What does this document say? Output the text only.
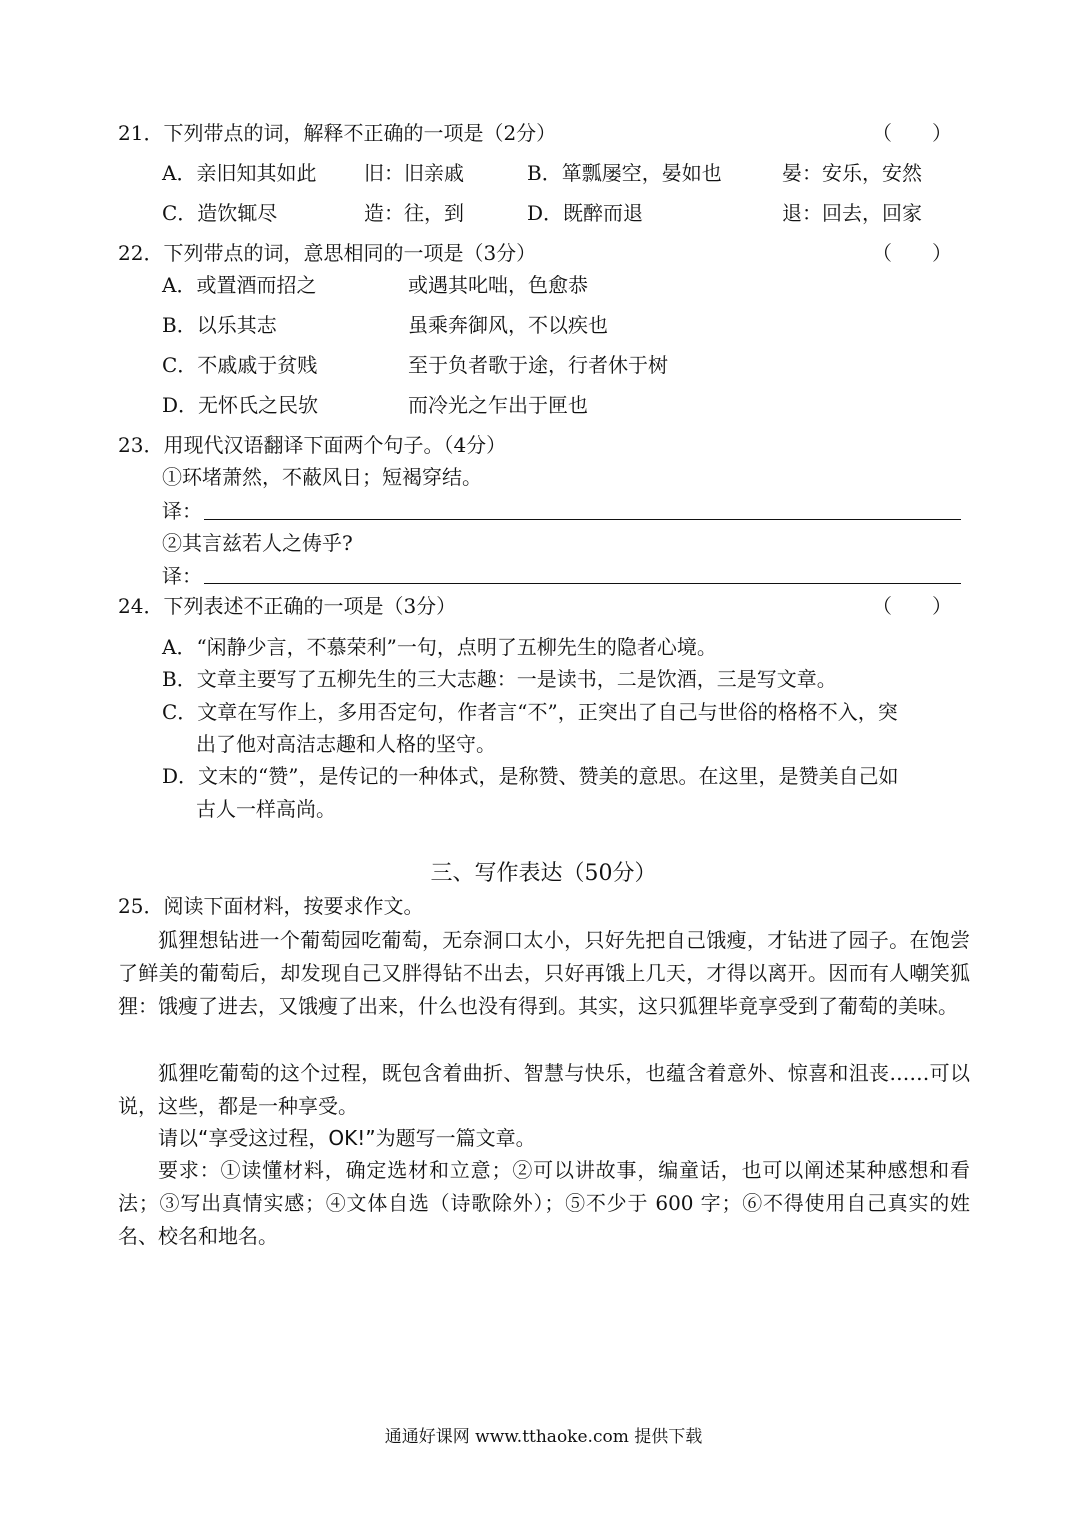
21．下列带点的词，解释不正确的一项是（2分）	（　　）
A．亲旧知其如此 旧：旧亲戚	B．箪瓢屡空，晏如也	晏：安乐，安然
C．造饮辄尽	造：往，到	D．既醉而退	退：回去，回家
22．下列带点的词，意思相同的一项是（3分）	（　　）
A．或置酒而招之	或遇其叱咄，色愈恭
B．以乐其志	虽乘奔御风，不以疾也
C．不戚戚于贫贱	至于负者歌于途，行者休于树
D．无怀氏之民欤	而冷光之乍出于匣也
23．用现代汉语翻译下面两个句子。（4分）
①环堵萧然，不蔽风日；短褐穿结。
译：
②其言兹若人之俦乎?
译：
24．下列表述不正确的一项是（3分）	（　　）
A．“闲静少言，不慕荣利”一句，点明了五柳先生的隐者心境。
B．文章主要写了五柳先生的三大志趣：一是读书，二是饮酒，三是写文章。
C．文章在写作上，多用否定句，作者言“不”，正突出了自己与世俗的格格不入，突
出了他对高洁志趣和人格的坚守。
D．文末的“赞”，是传记的一种体式，是称赞、赞美的意思。在这里，是赞美自己如
古人一样高尚。
三、写作表达（50分）
25．阅读下面材料，按要求作文。
狐狸想钻进一个葡萄园吃葡萄，无奈洞口太小，只好先把自己饿瘦，才钻进了园子。在饱尝了鲜美的葡萄后，却发现自己又胖得钻不出去，只好再饿上几天，才得以离开。因而有人嘲笑狐狸：饿瘦了进去，又饿瘦了出来，什么也没有得到。其实，这只狐狸毕竟享受到了葡萄的美味。
狐狸吃葡萄的这个过程，既包含着曲折、智慧与快乐，也蕴含着意外、惊喜和沮丧……可以说，这些，都是一种享受。
请以“享受这过程，OK!”为题写一篇文章。
要求：①读懂材料，确定选材和立意；②可以讲故事，编童话，也可以阐述某种感想和看法；③写出真情实感；④文体自选（诗歌除外）；⑤不少于 600 字；⑥不得使用自己真实的姓名、校名和地名。
通通好课网 www.tthaoke.com 提供下载
